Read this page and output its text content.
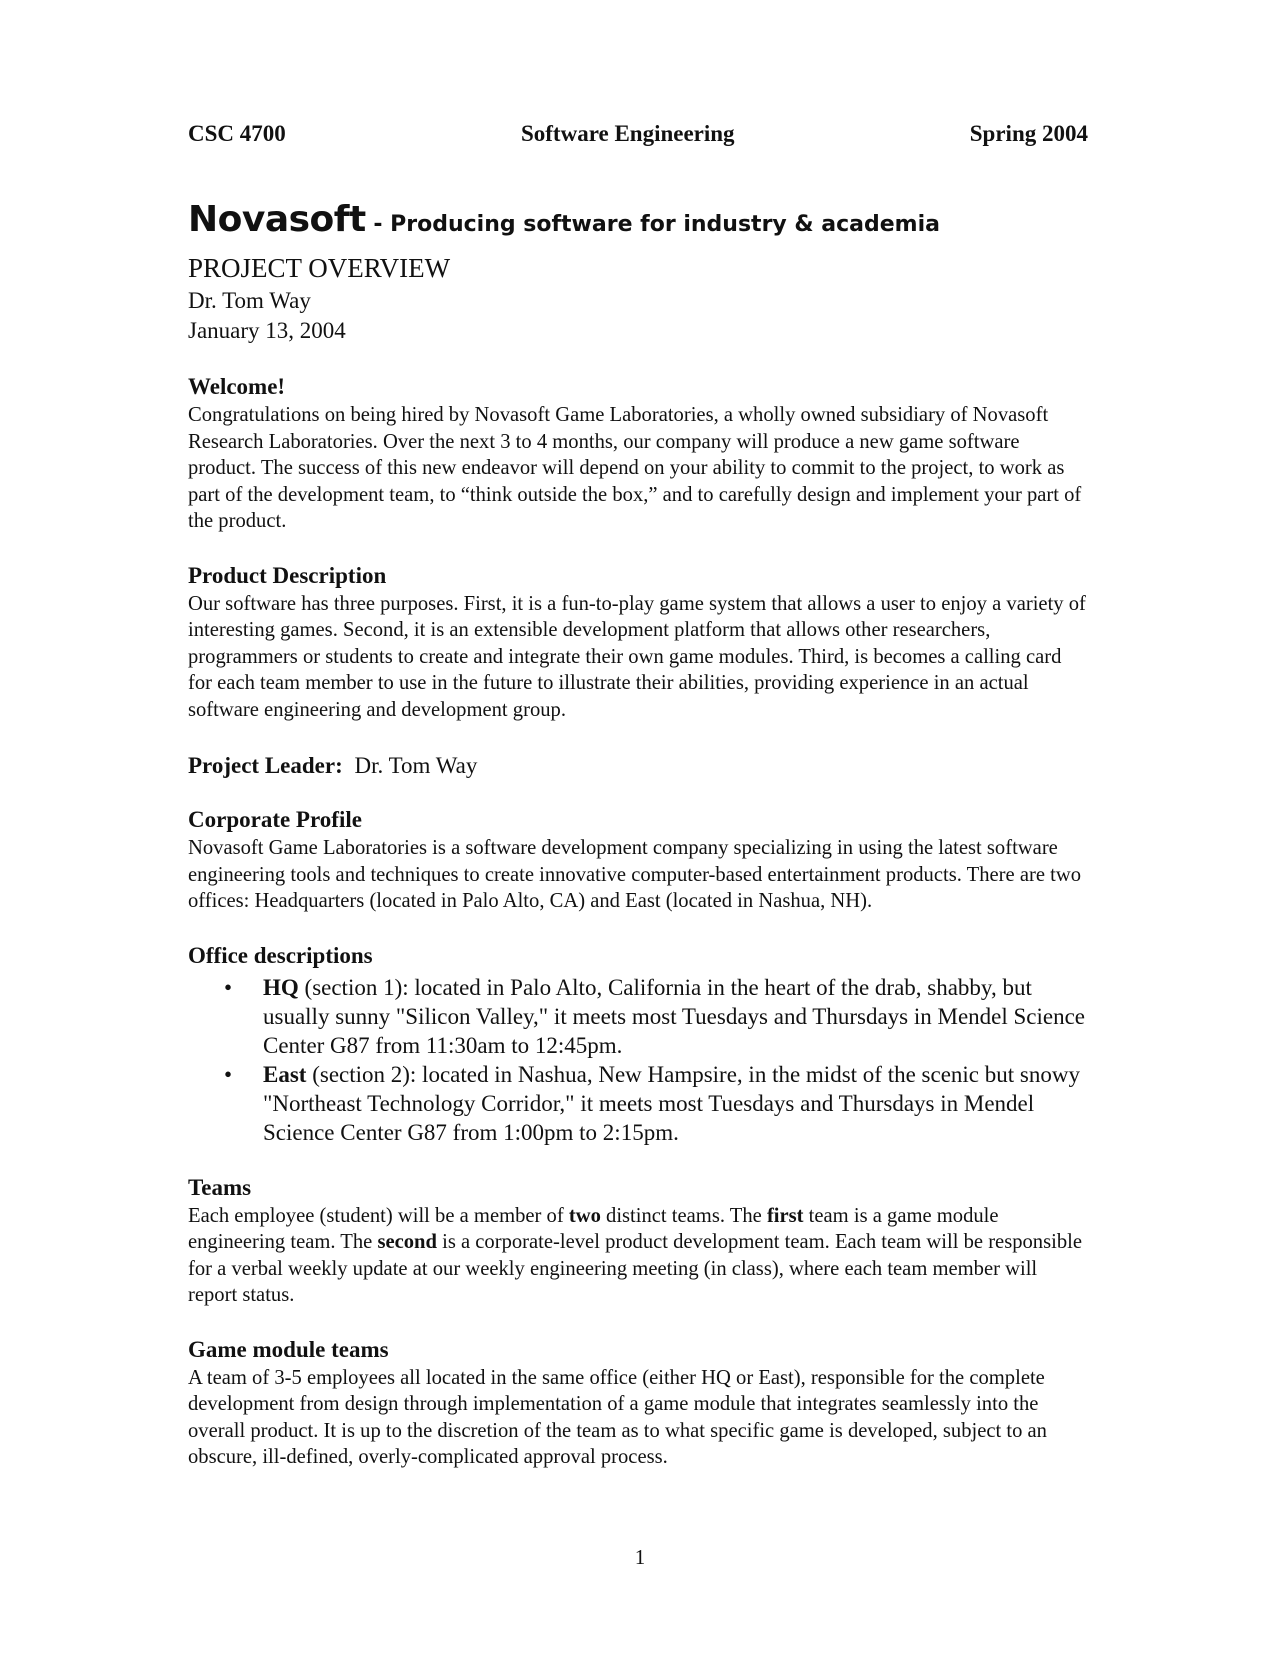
CSC 4700	Software Engineering	Spring 2004
Novasoft - Producing software for industry & academia
PROJECT OVERVIEW
Dr. Tom Way
January 13, 2004
Welcome!

Congratulations on being hired by Novasoft Game Laboratories, a wholly owned subsidiary of Novasoft Research Laboratories. Over the next 3 to 4 months, our company will produce a new game software product. The success of this new endeavor will depend on your ability to commit to the project, to work as part of the development team, to “think outside the box,” and to carefully design and implement your part of the product.

Product Description

Our software has three purposes. First, it is a fun-to-play game system that allows a user to enjoy a variety of interesting games. Second, it is an extensible development platform that allows other researchers, programmers or students to create and integrate their own game modules. Third, is becomes a calling card for each team member to use in the future to illustrate their abilities, providing experience in an actual software engineering and development group.

Project Leader: Dr. Tom Way
Corporate Profile

Novasoft Game Laboratories is a software development company specializing in using the latest software engineering tools and techniques to create innovative computer-based entertainment products. There are two offices: Headquarters (located in Palo Alto, CA) and East (located in Nashua, NH).

Office descriptions
• HQ (section 1): located in Palo Alto, California in the heart of the drab, shabby, but usually sunny "Silicon Valley," it meets most Tuesdays and Thursdays in Mendel Science Center G87 from 11:30am to 12:45pm.
• East (section 2): located in Nashua, New Hampsire, in the midst of the scenic but snowy "Northeast Technology Corridor," it meets most Tuesdays and Thursdays in Mendel Science Center G87 from 1:00pm to 2:15pm.
Teams

Each employee (student) will be a member of two distinct teams. The first team is a game module engineering team. The second is a corporate-level product development team. Each team will be responsible for a verbal weekly update at our weekly engineering meeting (in class), where each team member will report status.

Game module teams

A team of 3-5 employees all located in the same office (either HQ or East), responsible for the complete development from design through implementation of a game module that integrates seamlessly into the overall product. It is up to the discretion of the team as to what specific game is developed, subject to an obscure, ill-defined, overly-complicated approval process.

1
